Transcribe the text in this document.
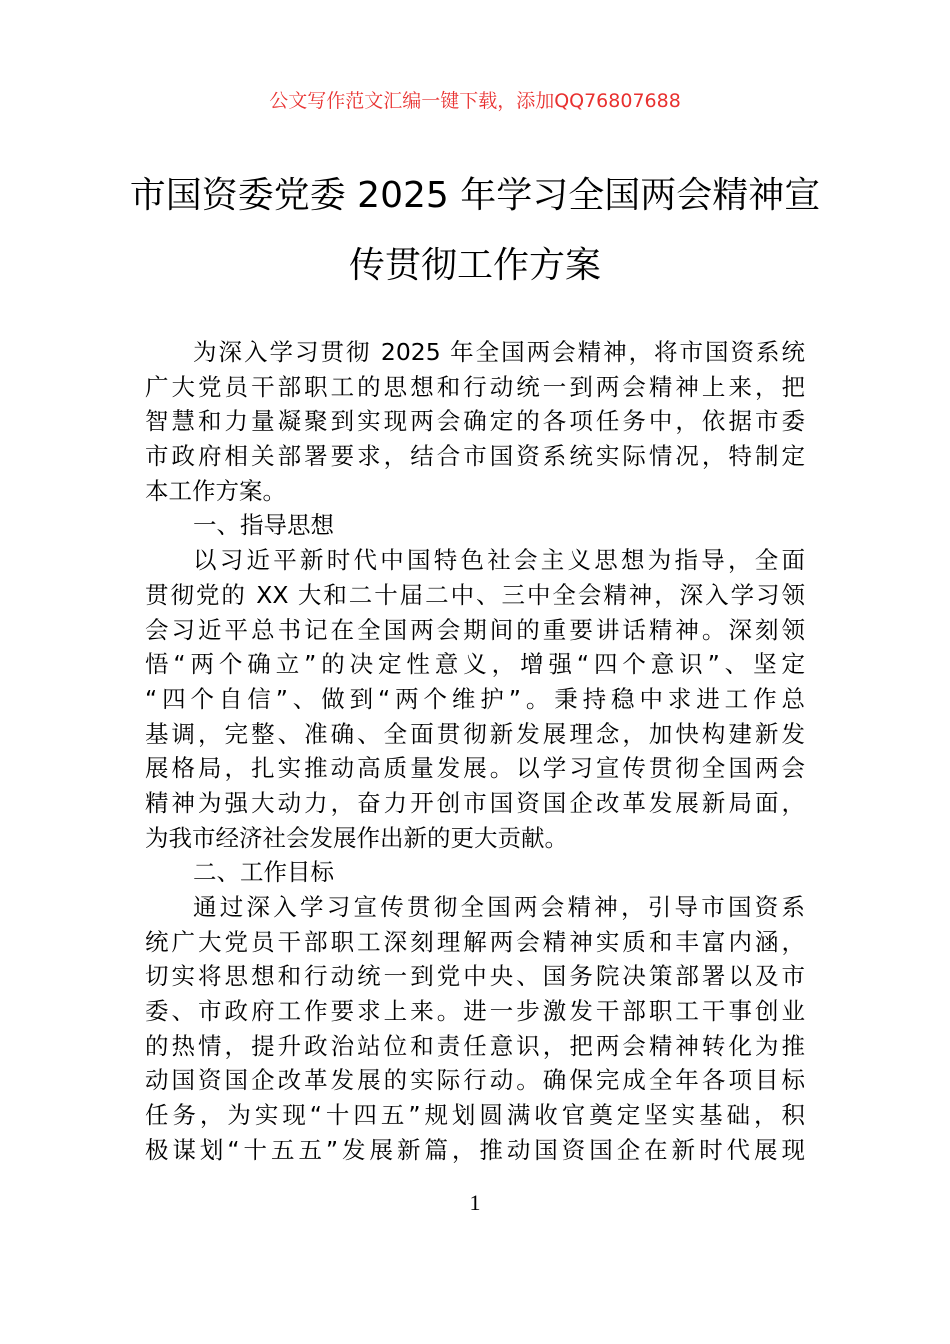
公文写作范文汇编一键下载，添加QQ76807688
市国资委党委 2025 年学习全国两会精神宣
传贯彻工作方案
为深入学习贯彻 2025 年全国两会精神，将市国资系统
广大党员干部职工的思想和行动统一到两会精神上来，把
智慧和力量凝聚到实现两会确定的各项任务中，依据市委
市政府相关部署要求，结合市国资系统实际情况，特制定
本工作方案。
一、指导思想
以习近平新时代中国特色社会主义思想为指导，全面
贯彻党的 XX 大和二十届二中、三中全会精神，深入学习领
会习近平总书记在全国两会期间的重要讲话精神。深刻领
悟“两个确立”的决定性意义，增强“四个意识”、坚定
“四个自信”、做到“两个维护”。秉持稳中求进工作总
基调，完整、准确、全面贯彻新发展理念，加快构建新发
展格局，扎实推动高质量发展。以学习宣传贯彻全国两会
精神为强大动力，奋力开创市国资国企改革发展新局面，
为我市经济社会发展作出新的更大贡献。
二、工作目标
通过深入学习宣传贯彻全国两会精神，引导市国资系
统广大党员干部职工深刻理解两会精神实质和丰富内涵，
切实将思想和行动统一到党中央、国务院决策部署以及市
委、市政府工作要求上来。进一步激发干部职工干事创业
的热情，提升政治站位和责任意识，把两会精神转化为推
动国资国企改革发展的实际行动。确保完成全年各项目标
任务，为实现“十四五”规划圆满收官奠定坚实基础，积
极谋划“十五五”发展新篇，推动国资国企在新时代展现
1
